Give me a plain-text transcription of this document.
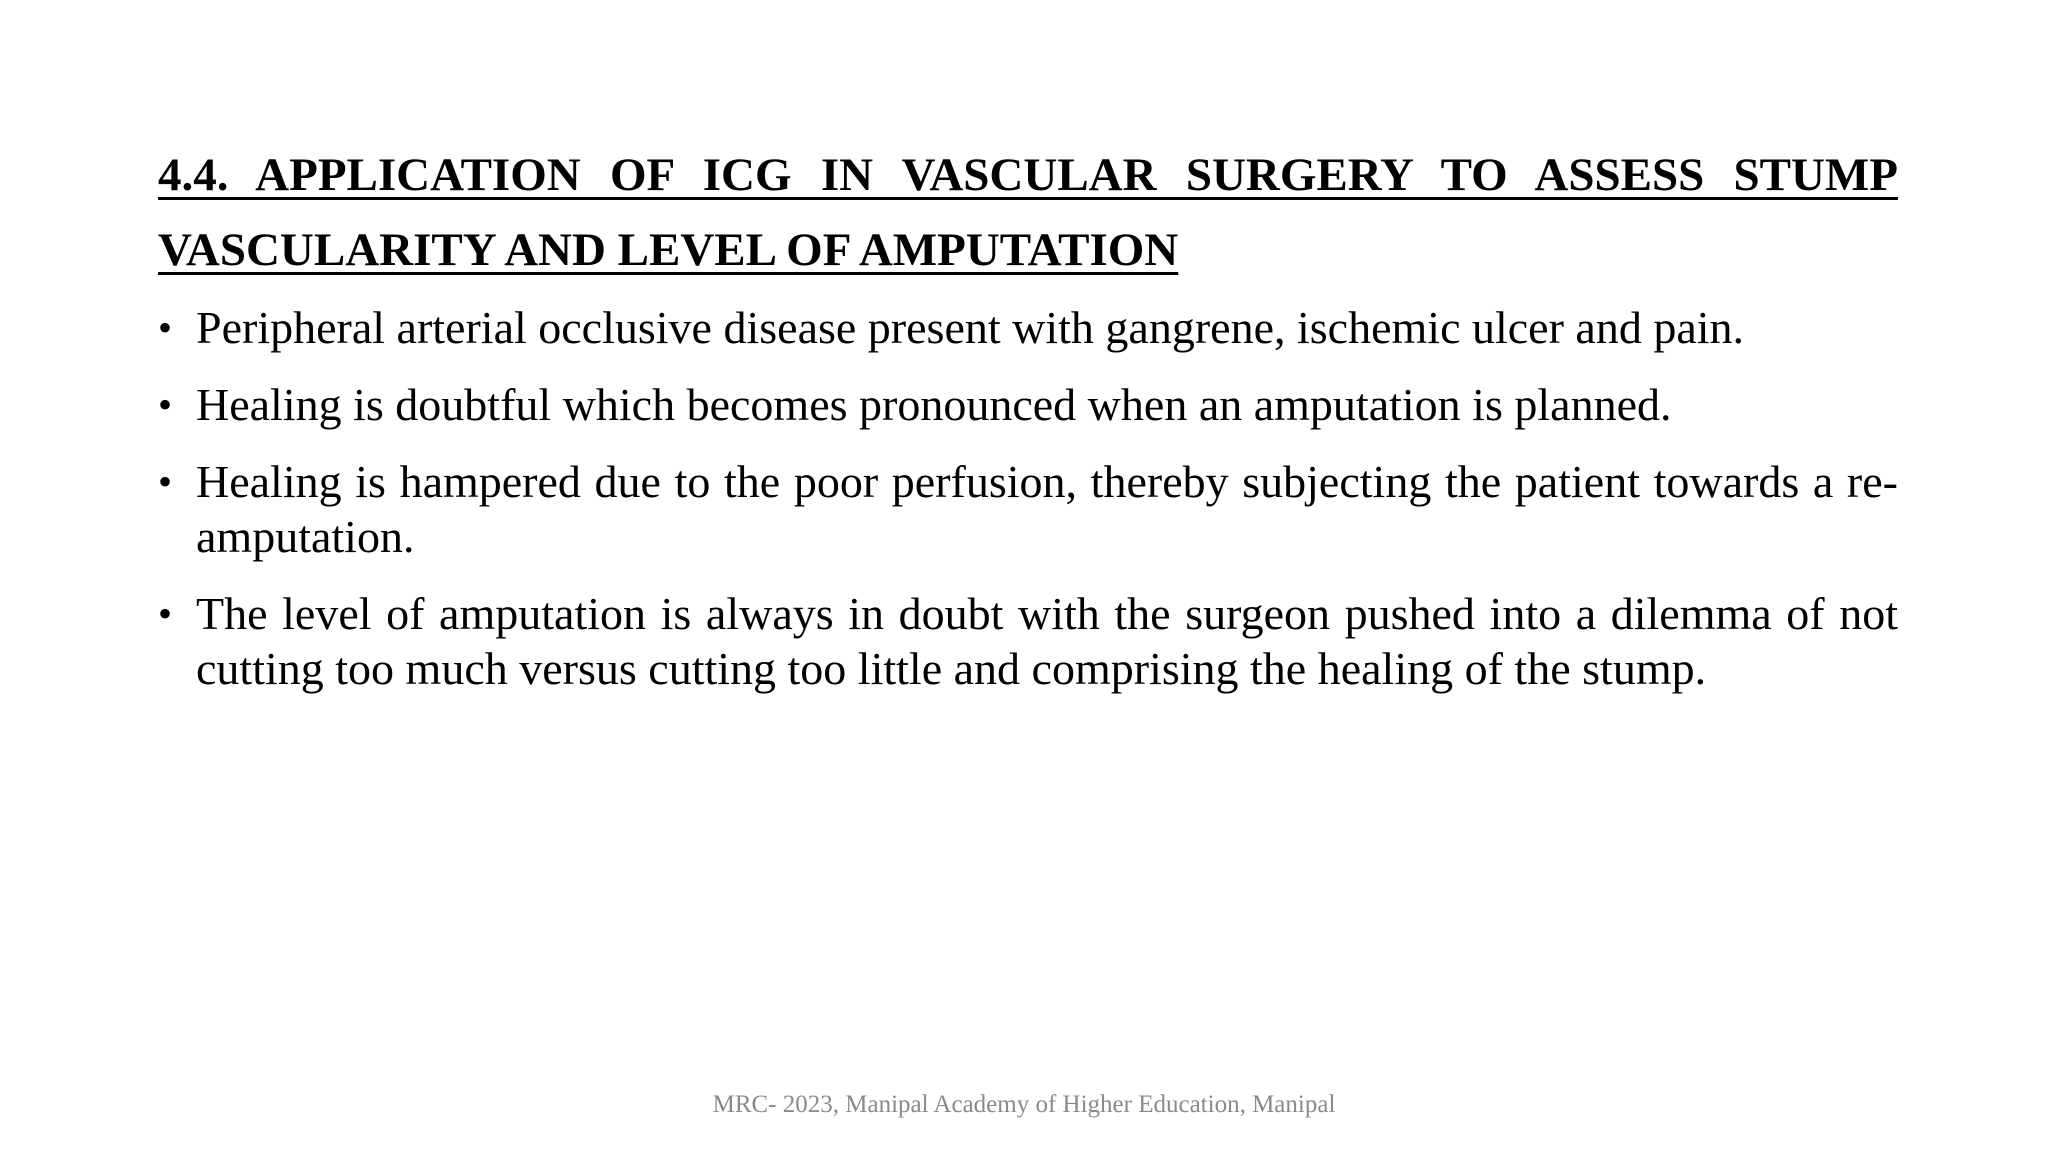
4.4. APPLICATION OF ICG IN VASCULAR SURGERY TO ASSESS STUMP
VASCULARITY AND LEVEL OF AMPUTATION
• Peripheral arterial occlusive disease present with gangrene, ischemic ulcer and pain.
• Healing is doubtful which becomes pronounced when an amputation is planned.
• Healing is hampered due to the poor perfusion, thereby subjecting the patient towards a re-amputation.
• The level of amputation is always in doubt with the surgeon pushed into a dilemma of not cutting too much versus cutting too little and comprising the healing of the stump.
MRC- 2023, Manipal Academy of Higher Education, Manipal
